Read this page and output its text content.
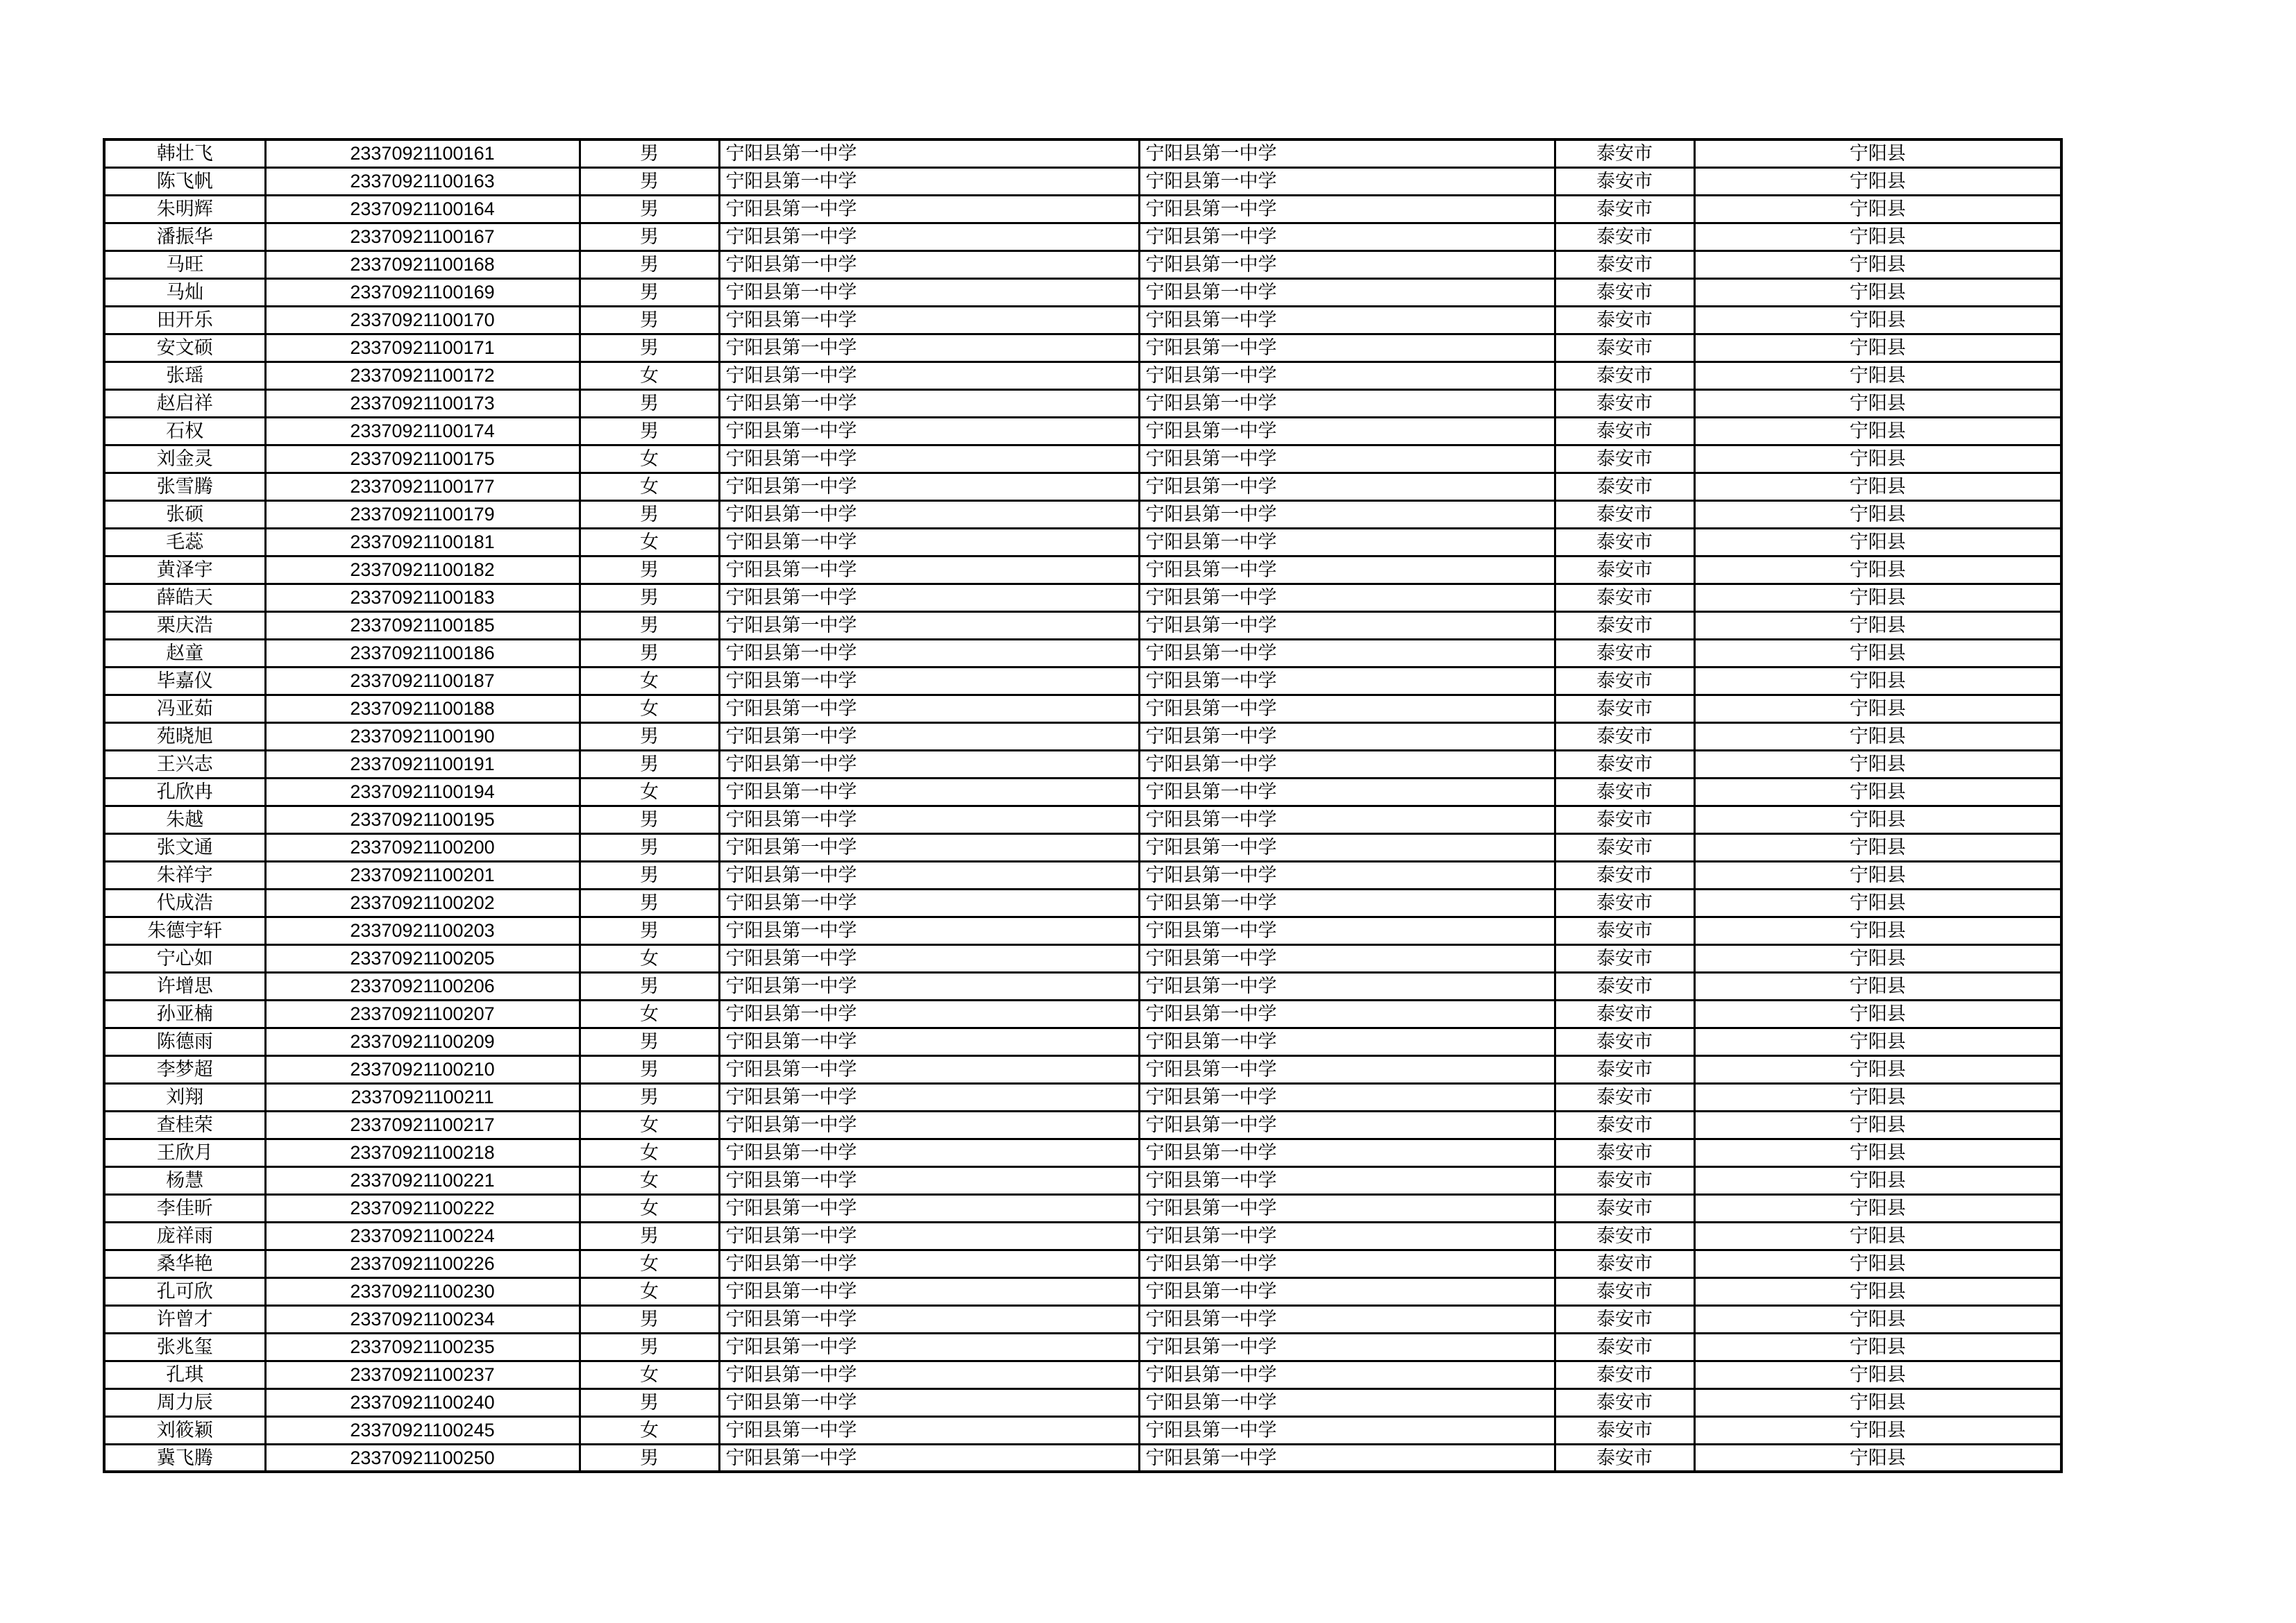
韩壮飞	23370921100161	男	宁阳县第一中学	宁阳县第一中学	泰安市	宁阳县
陈飞帆	23370921100163	男	宁阳县第一中学	宁阳县第一中学	泰安市	宁阳县
朱明辉	23370921100164	男	宁阳县第一中学	宁阳县第一中学	泰安市	宁阳县
潘振华	23370921100167	男	宁阳县第一中学	宁阳县第一中学	泰安市	宁阳县
马旺	23370921100168	男	宁阳县第一中学	宁阳县第一中学	泰安市	宁阳县
马灿	23370921100169	男	宁阳县第一中学	宁阳县第一中学	泰安市	宁阳县
田开乐	23370921100170	男	宁阳县第一中学	宁阳县第一中学	泰安市	宁阳县
安文硕	23370921100171	男	宁阳县第一中学	宁阳县第一中学	泰安市	宁阳县
张瑶	23370921100172	女	宁阳县第一中学	宁阳县第一中学	泰安市	宁阳县
赵启祥	23370921100173	男	宁阳县第一中学	宁阳县第一中学	泰安市	宁阳县
石权	23370921100174	男	宁阳县第一中学	宁阳县第一中学	泰安市	宁阳县
刘金灵	23370921100175	女	宁阳县第一中学	宁阳县第一中学	泰安市	宁阳县
张雪腾	23370921100177	女	宁阳县第一中学	宁阳县第一中学	泰安市	宁阳县
张硕	23370921100179	男	宁阳县第一中学	宁阳县第一中学	泰安市	宁阳县
毛蕊	23370921100181	女	宁阳县第一中学	宁阳县第一中学	泰安市	宁阳县
黄泽宇	23370921100182	男	宁阳县第一中学	宁阳县第一中学	泰安市	宁阳县
薛皓天	23370921100183	男	宁阳县第一中学	宁阳县第一中学	泰安市	宁阳县
栗庆浩	23370921100185	男	宁阳县第一中学	宁阳县第一中学	泰安市	宁阳县
赵童	23370921100186	男	宁阳县第一中学	宁阳县第一中学	泰安市	宁阳县
毕嘉仪	23370921100187	女	宁阳县第一中学	宁阳县第一中学	泰安市	宁阳县
冯亚茹	23370921100188	女	宁阳县第一中学	宁阳县第一中学	泰安市	宁阳县
苑晓旭	23370921100190	男	宁阳县第一中学	宁阳县第一中学	泰安市	宁阳县
王兴志	23370921100191	男	宁阳县第一中学	宁阳县第一中学	泰安市	宁阳县
孔欣冉	23370921100194	女	宁阳县第一中学	宁阳县第一中学	泰安市	宁阳县
朱越	23370921100195	男	宁阳县第一中学	宁阳县第一中学	泰安市	宁阳县
张文通	23370921100200	男	宁阳县第一中学	宁阳县第一中学	泰安市	宁阳县
朱祥宇	23370921100201	男	宁阳县第一中学	宁阳县第一中学	泰安市	宁阳县
代成浩	23370921100202	男	宁阳县第一中学	宁阳县第一中学	泰安市	宁阳县
朱德宇轩	23370921100203	男	宁阳县第一中学	宁阳县第一中学	泰安市	宁阳县
宁心如	23370921100205	女	宁阳县第一中学	宁阳县第一中学	泰安市	宁阳县
许增思	23370921100206	男	宁阳县第一中学	宁阳县第一中学	泰安市	宁阳县
孙亚楠	23370921100207	女	宁阳县第一中学	宁阳县第一中学	泰安市	宁阳县
陈德雨	23370921100209	男	宁阳县第一中学	宁阳县第一中学	泰安市	宁阳县
李梦超	23370921100210	男	宁阳县第一中学	宁阳县第一中学	泰安市	宁阳县
刘翔	23370921100211	男	宁阳县第一中学	宁阳县第一中学	泰安市	宁阳县
查桂荣	23370921100217	女	宁阳县第一中学	宁阳县第一中学	泰安市	宁阳县
王欣月	23370921100218	女	宁阳县第一中学	宁阳县第一中学	泰安市	宁阳县
杨慧	23370921100221	女	宁阳县第一中学	宁阳县第一中学	泰安市	宁阳县
李佳昕	23370921100222	女	宁阳县第一中学	宁阳县第一中学	泰安市	宁阳县
庞祥雨	23370921100224	男	宁阳县第一中学	宁阳县第一中学	泰安市	宁阳县
桑华艳	23370921100226	女	宁阳县第一中学	宁阳县第一中学	泰安市	宁阳县
孔可欣	23370921100230	女	宁阳县第一中学	宁阳县第一中学	泰安市	宁阳县
许曾才	23370921100234	男	宁阳县第一中学	宁阳县第一中学	泰安市	宁阳县
张兆玺	23370921100235	男	宁阳县第一中学	宁阳县第一中学	泰安市	宁阳县
孔琪	23370921100237	女	宁阳县第一中学	宁阳县第一中学	泰安市	宁阳县
周力辰	23370921100240	男	宁阳县第一中学	宁阳县第一中学	泰安市	宁阳县
刘筱颖	23370921100245	女	宁阳县第一中学	宁阳县第一中学	泰安市	宁阳县
冀飞腾	23370921100250	男	宁阳县第一中学	宁阳县第一中学	泰安市	宁阳县
